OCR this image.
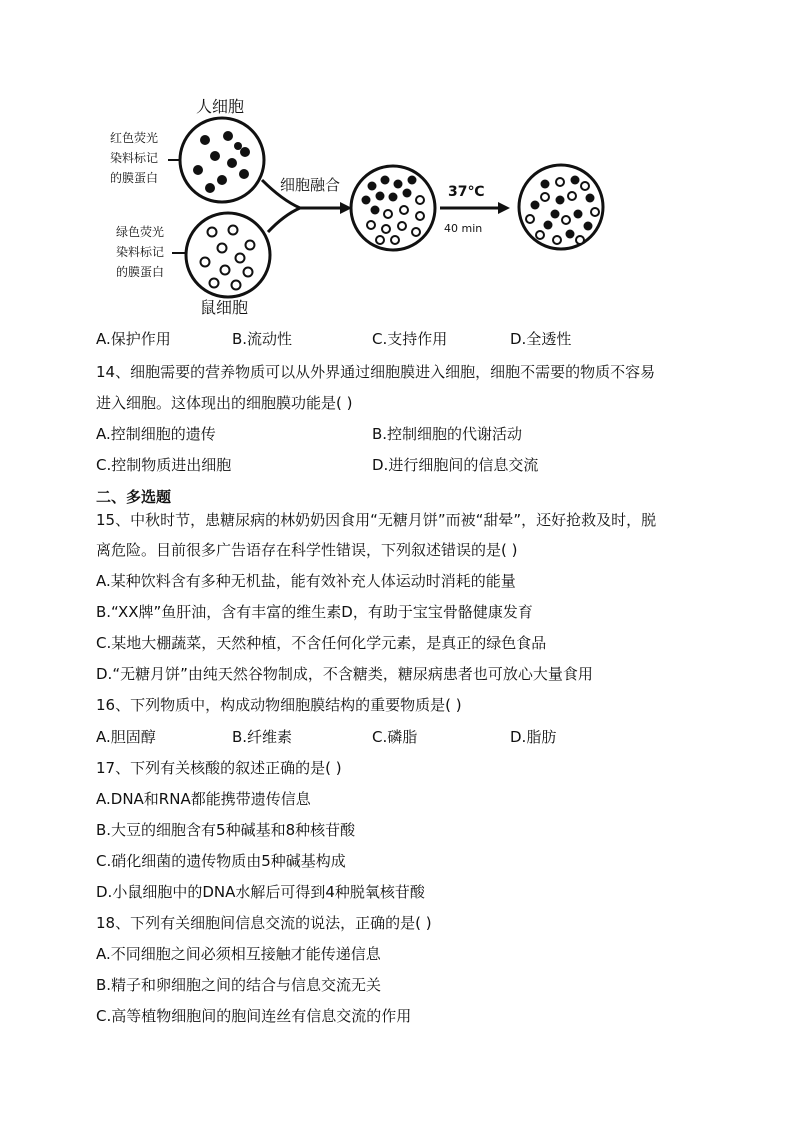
人细胞
红色荧光 染料标记 的膜蛋白
绿色荧光 染料标记 的膜蛋白
鼠细胞
细胞融合	37℃
40 min
A.保护作用	B.流动性	C.支持作用	D.全透性
14、细胞需要的营养物质可以从外界通过细胞膜进入细胞，细胞不需要的物质不容易
进入细胞。这体现出的细胞膜功能是( )
A.控制细胞的遗传	B.控制细胞的代谢活动
C.控制物质进出细胞	D.进行细胞间的信息交流
二、多选题
15、中秋时节，患糖尿病的林奶奶因食用“无糖月饼”而被“甜晕”，还好抢救及时，脱
离危险。目前很多广告语存在科学性错误，下列叙述错误的是( )
A.某种饮料含有多种无机盐，能有效补充人体运动时消耗的能量
B.“XX牌”鱼肝油，含有丰富的维生素D，有助于宝宝骨骼健康发育
C.某地大棚蔬菜，天然种植，不含任何化学元素，是真正的绿色食品
D.“无糖月饼”由纯天然谷物制成，不含糖类，糖尿病患者也可放心大量食用
16、下列物质中，构成动物细胞膜结构的重要物质是( )
A.胆固醇	B.纤维素	C.磷脂	D.脂肪
17、下列有关核酸的叙述正确的是( )
A.DNA和RNA都能携带遗传信息
B.大豆的细胞含有5种碱基和8种核苷酸
C.硝化细菌的遗传物质由5种碱基构成
D.小鼠细胞中的DNA水解后可得到4种脱氧核苷酸
18、下列有关细胞间信息交流的说法，正确的是( )
A.不同细胞之间必须相互接触才能传递信息
B.精子和卵细胞之间的结合与信息交流无关
C.高等植物细胞间的胞间连丝有信息交流的作用
